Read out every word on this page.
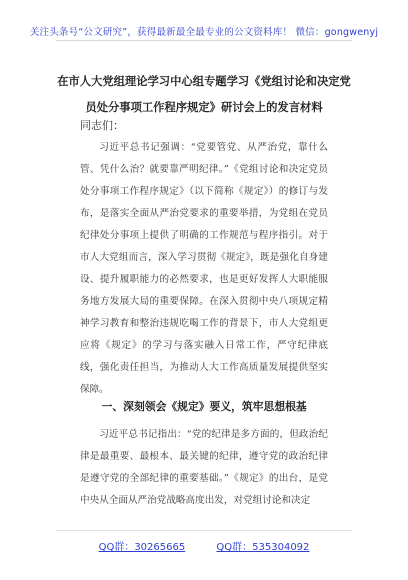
关注头条号“公文研究”，获得最新最全最专业的公文资料库！ 微信：gongwenyj
在市人大党组理论学习中心组专题学习《党组讨论和决定党员处分事项工作程序规定》研讨会上的发言材料
同志们：
习近平总书记强调：“党要管党、从严治党，靠什么管、凭什么治？就要靠严明纪律。”《党组讨论和决定党员处分事项工作程序规定》（以下简称《规定》）的修订与发布，是落实全面从严治党要求的重要举措，为党组在党员纪律处分事项上提供了明确的工作规范与程序指引。对于市人大党组而言，深入学习贯彻《规定》，既是强化自身建设、提升履职能力的必然要求，也是更好发挥人大职能服务地方发展大局的重要保障。在深入贯彻中央八项规定精神学习教育和整治违规吃喝工作的背景下，市人大党组更应将《规定》的学习与落实融入日常工作，严守纪律底线，强化责任担当，为推动人大工作高质量发展提供坚实保障。
一、深刻领会《规定》要义，筑牢思想根基
习近平总书记指出：“党的纪律是多方面的，但政治纪律是最重要、最根本、最关键的纪律，遵守党的政治纪律是遵守党的全部纪律的重要基础。”《规定》的出台，是党中央从全面从严治党战略高度出发，对党组讨论和决定
QQ群：30265665	QQ群：535304092
